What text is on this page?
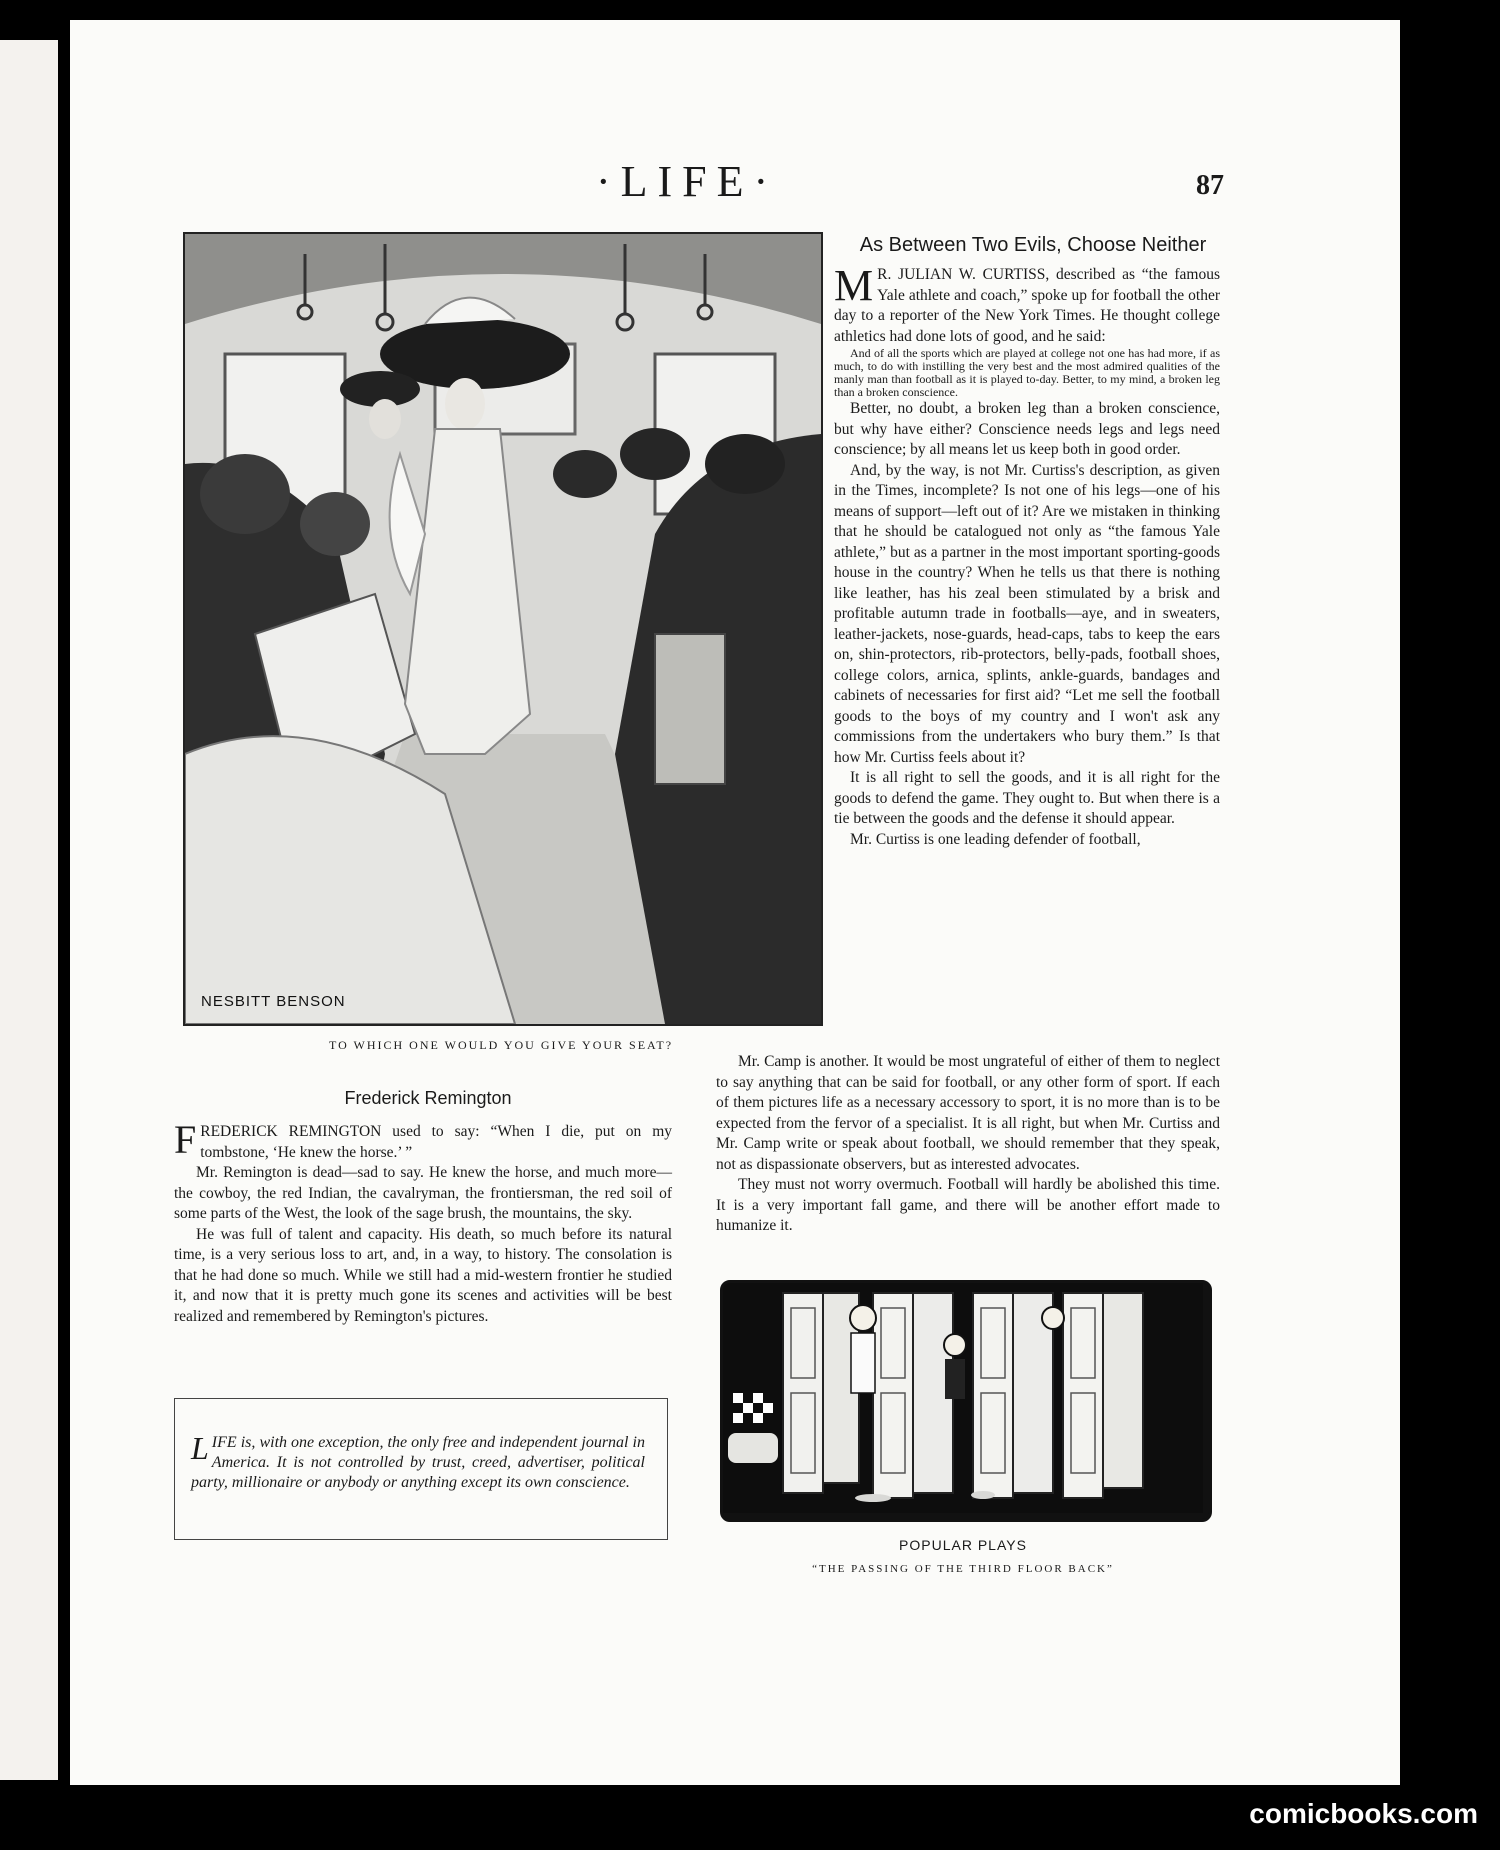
·LIFE·	87
NESBITT BENSON
TO WHICH ONE WOULD YOU GIVE YOUR SEAT?
As Between Two Evils, Choose Neither

M R. JULIAN W. CURTISS, described as “the famous Yale athlete and coach,” spoke up for football the other day to a reporter of the New York Times. He thought college athletics had done lots of good, and he said:

And of all the sports which are played at college not one has had more, if as much, to do with instilling the very best and the most admired qualities of the manly man than football as it is played to-day. Better, to my mind, a broken leg than a broken conscience.

Better, no doubt, a broken leg than a broken conscience, but why have either? Conscience needs legs and legs need conscience; by all means let us keep both in good order.

And, by the way, is not Mr. Curtiss's description, as given in the Times, incomplete? Is not one of his legs—one of his means of support—left out of it? Are we mistaken in thinking that he should be catalogued not only as “the famous Yale athlete,” but as a partner in the most important sporting-goods house in the country? When he tells us that there is nothing like leather, has his zeal been stimulated by a brisk and profitable autumn trade in footballs—aye, and in sweaters, leather-jackets, nose-guards, head-caps, tabs to keep the ears on, shin-protectors, rib-protectors, belly-pads, football shoes, college colors, arnica, splints, ankle-guards, bandages and cabinets of necessaries for first aid? “Let me sell the football goods to the boys of my country and I won't ask any commissions from the undertakers who bury them.” Is that how Mr. Curtiss feels about it?

It is all right to sell the goods, and it is all right for the goods to defend the game. They ought to. But when there is a tie between the goods and the defense it should appear.

Mr. Curtiss is one leading defender of football,

Mr. Camp is another. It would be most ungrateful of either of them to neglect to say anything that can be said for football, or any other form of sport. If each of them pictures life as a necessary accessory to sport, it is no more than is to be expected from the fervor of a specialist. It is all right, but when Mr. Curtiss and Mr. Camp write or speak about football, we should remember that they speak, not as dispassionate observers, but as interested advocates.

They must not worry overmuch. Football will hardly be abolished this time. It is a very important fall game, and there will be another effort made to humanize it.

Frederick Remington

FREDERICK REMINGTON used to say: “When I die, put on my tombstone, ‘He knew the horse.’ ”

Mr. Remington is dead—sad to say. He knew the horse, and much more—the cowboy, the red Indian, the cavalryman, the frontiersman, the red soil of some parts of the West, the look of the sage brush, the mountains, the sky.

He was full of talent and capacity. His death, so much before its natural time, is a very serious loss to art, and, in a way, to history. The consolation is that he had done so much. While we still had a mid-western frontier he studied it, and now that it is pretty much gone its scenes and activities will be best realized and remembered by Remington's pictures.

LIFE is, with one exception, the only free and independent journal in America. It is not controlled by trust, creed, advertiser, political party, millionaire or anybody or anything except its own conscience.
POPULAR PLAYS
“THE PASSING OF THE THIRD FLOOR BACK”
comicbooks.com
